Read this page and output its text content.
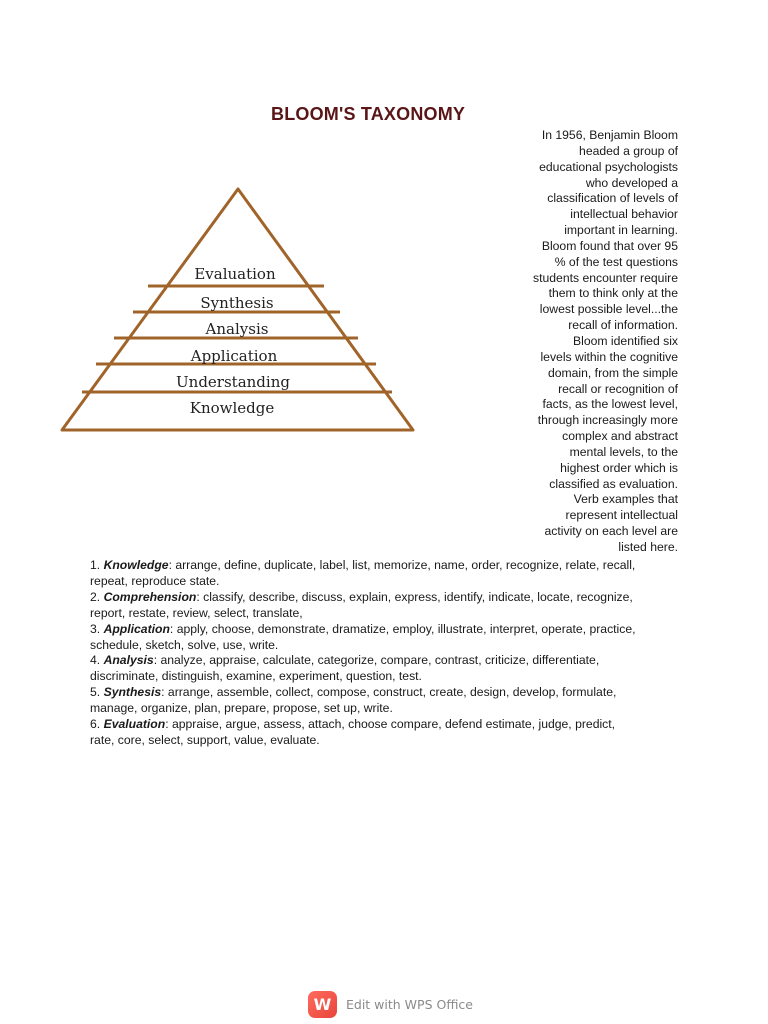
BLOOM'S TAXONOMY
Evaluation
Synthesis
Analysis
Application
Understanding
Knowledge
In 1956, Benjamin Bloom
headed a group of
educational psychologists
who developed a
classification of levels of
intellectual behavior
important in learning.
Bloom found that over 95
% of the test questions
students encounter require
them to think only at the
lowest possible level...the
recall of information.
Bloom identified six
levels within the cognitive
domain, from the simple
recall or recognition of
facts, as the lowest level,
through increasingly more
complex and abstract
mental levels, to the
highest order which is
classified as evaluation.
Verb examples that
represent intellectual
activity on each level are
listed here.

1. Knowledge: arrange, define, duplicate, label, list, memorize, name, order, recognize, relate, recall,

repeat, reproduce state.

2. Comprehension: classify, describe, discuss, explain, express, identify, indicate, locate, recognize,

report, restate, review, select, translate,

3. Application: apply, choose, demonstrate, dramatize, employ, illustrate, interpret, operate, practice,

schedule, sketch, solve, use, write.

4. Analysis: analyze, appraise, calculate, categorize, compare, contrast, criticize, differentiate,

discriminate, distinguish, examine, experiment, question, test.

5. Synthesis: arrange, assemble, collect, compose, construct, create, design, develop, formulate,

manage, organize, plan, prepare, propose, set up, write.

6. Evaluation: appraise, argue, assess, attach, choose compare, defend estimate, judge, predict,

rate, core, select, support, value, evaluate.

W	Edit with WPS Office
